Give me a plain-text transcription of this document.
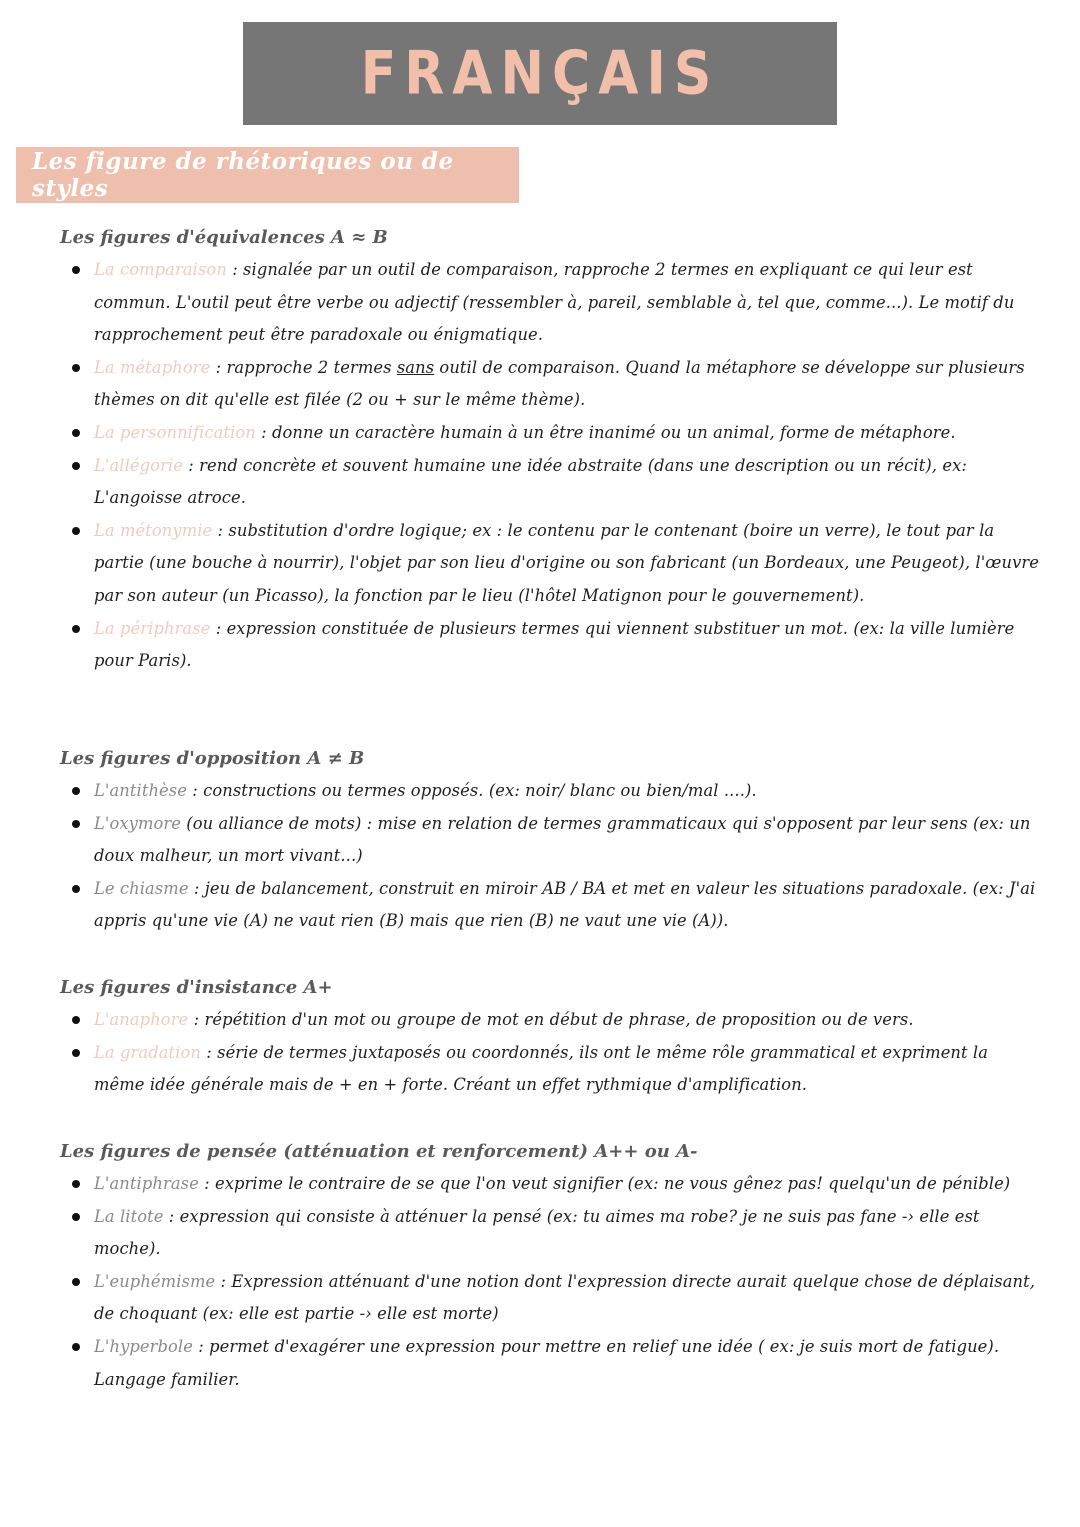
FRANÇAIS
Les figure de rhétoriques ou de styles
Les figures d'équivalences A ≈ B
La comparaison : signalée par un outil de comparaison, rapproche 2 termes en expliquant ce qui leur est commun. L'outil peut être verbe ou adjectif (ressembler à, pareil, semblable à, tel que, comme...). Le motif du rapprochement peut être paradoxale ou énigmatique.
La métaphore : rapproche 2 termes sans outil de comparaison. Quand la métaphore se développe sur plusieurs thèmes on dit qu'elle est filée (2 ou + sur le même thème).
La personnification : donne un caractère humain à un être inanimé ou un animal, forme de métaphore.
L'allégorie : rend concrète et souvent humaine une idée abstraite (dans une description ou un récit), ex: L'angoisse atroce.
La métonymie : substitution d'ordre logique; ex : le contenu par le contenant (boire un verre), le tout par la partie (une bouche à nourrir), l'objet par son lieu d'origine ou son fabricant (un Bordeaux, une Peugeot), l'œuvre par son auteur (un Picasso), la fonction par le lieu (l'hôtel Matignon pour le gouvernement).
La périphrase : expression constituée de plusieurs termes qui viennent substituer un mot. (ex: la ville lumière pour Paris).
Les figures d'opposition A ≠ B
L'antithèse : constructions ou termes opposés. (ex: noir/ blanc ou bien/mal ....).
L'oxymore (ou alliance de mots) : mise en relation de termes grammaticaux qui s'opposent par leur sens (ex: un doux malheur, un mort vivant...)
Le chiasme : jeu de balancement, construit en miroir AB / BA et met en valeur les situations paradoxale. (ex: J'ai appris qu'une vie (A) ne vaut rien (B) mais que rien (B) ne vaut une vie (A)).
Les figures d'insistance A+
L'anaphore : répétition d'un mot ou groupe de mot en début de phrase, de proposition ou de vers.
La gradation : série de termes juxtaposés ou coordonnés, ils ont le même rôle grammatical et expriment la même idée générale mais de + en + forte. Créant un effet rythmique d'amplification.
Les figures de pensée (atténuation et renforcement) A++ ou A-
L'antiphrase : exprime le contraire de se que l'on veut signifier (ex: ne vous gênez pas! quelqu'un de pénible)
La litote : expression qui consiste à atténuer la pensé (ex: tu aimes ma robe? je ne suis pas fane -› elle est moche).
L'euphémisme : Expression atténuant d'une notion dont l'expression directe aurait quelque chose de déplaisant, de choquant (ex: elle est partie -› elle est morte)
L'hyperbole : permet d'exagérer une expression pour mettre en relief une idée ( ex: je suis mort de fatigue). Langage familier.
